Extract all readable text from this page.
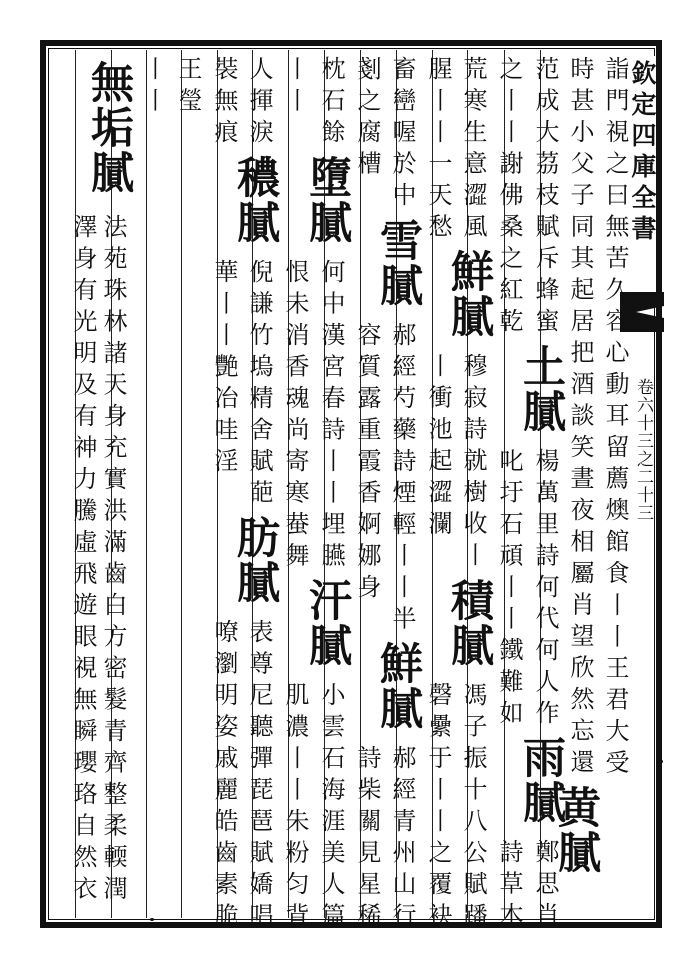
欽定四庫全書
卷六十三之二十三
詣門視之曰無苦久容心動耳留薦燠館食
丨丨王君大受
時甚小父子同其起居把酒談笑晝夜相屬肖望欣然忘還
黄膩
范成大茘枝賦斥蜂蜜
土膩
楊萬里詩何代何人作
雨膩
鄭思肖
之丨丨謝佛桑之紅乾
叱圩石頑丨丨鐵難如
詩草木
荒寒生意澀風
鮮膩
穆寂詩就樹收丨
積膩
馮子振十八公賦蹯
腥丨丨一天愁
丨衝池起澀瀾
磬纍于丨丨之覆袂
畜巒喔於中
雪膩
郝經芍藥詩煙輕丨丨半
鮮膩
郝經青州山行
剗之腐槽
容質露重霞香婀娜身
詩柴關見星稀
枕石餘
墮膩
何中漢宮春詩丨丨埋臙
汗膩
小雲石海涯美人篇
丨丨
恨未消香魂尚寄寒蛬舞
肌濃丨丨朱粉匀背
人揮淚
穠膩
倪謙竹塢精舍賦葩
肪膩
表尊尼聽彈琵琶賦嬌唱
裝無痕
華丨丨艷冶哇淫
嘹瀏明姿戚麗皓齒素脆
王瑩
丨丨
無垢膩
法苑珠林諸天身充實洪滿齒白方密髮青齊整柔輭潤
澤身有光明及有神力騰虛飛遊眼視無瞬瓔珞自然衣
